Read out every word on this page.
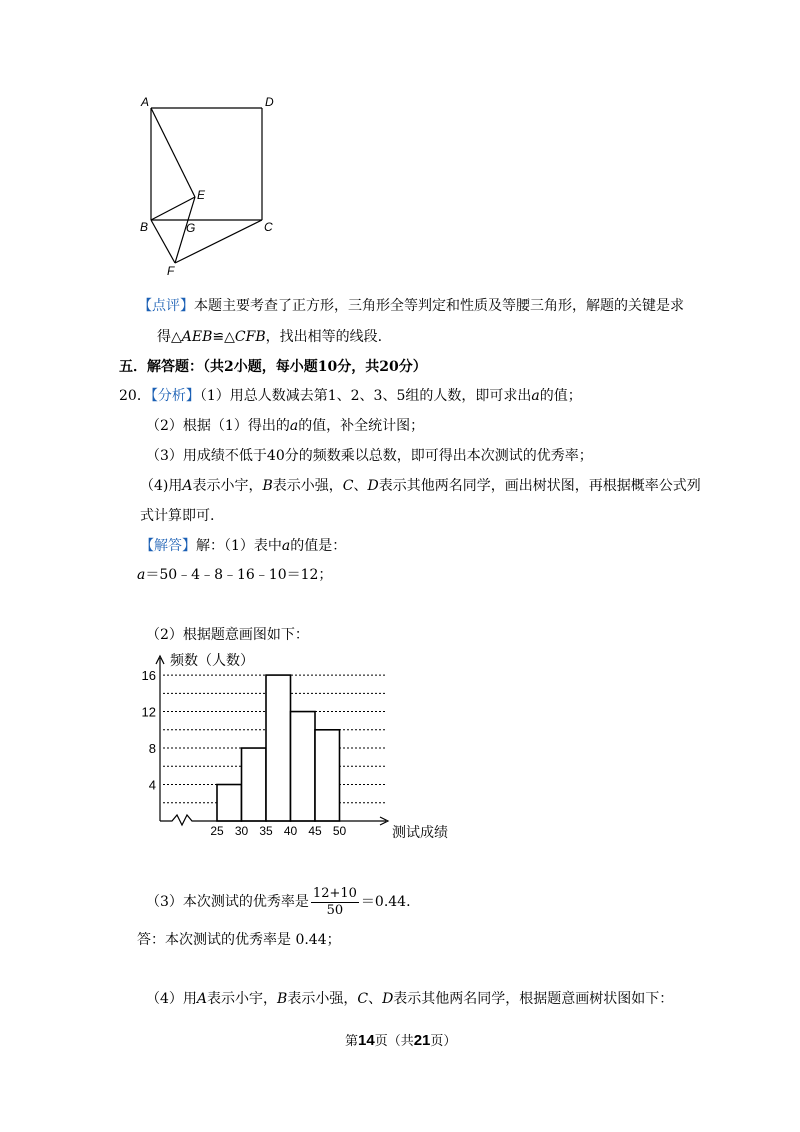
A	D
E
B	G	C
F
【点评】本题主要考查了正方形，三角形全等判定和性质及等腰三角形，解题的关键是求
得△AEB≌△CFB，找出相等的线段.
五．解答题：（共2小题，每小题10分，共20分）
20．【分析】（1）用总人数减去第1、2、3、5组的人数，即可求出a的值；
（2）根据（1）得出的a的值，补全统计图；
（3）用成绩不低于40分的频数乘以总数，即可得出本次测试的优秀率；
（4)用A表示小宇，B表示小强，C、D表示其他两名同学，画出树状图，再根据概率公式列
式计算即可.
【解答】解：（1）表中a的值是：
a＝50﹣4﹣8﹣16﹣10＝12；
（2）根据题意画图如下：
4
8
12
16
25 30 35 40 45 50
频数（人数）
测试成绩
（3）本次测试的优秀率是 $\frac{12+10}{50} =0.44$.
答：本次测试的优秀率是 0.44；
（4）用A表示小宇，B表示小强，C、D表示其他两名同学，根据题意画树状图如下：
第14页（共21页）
